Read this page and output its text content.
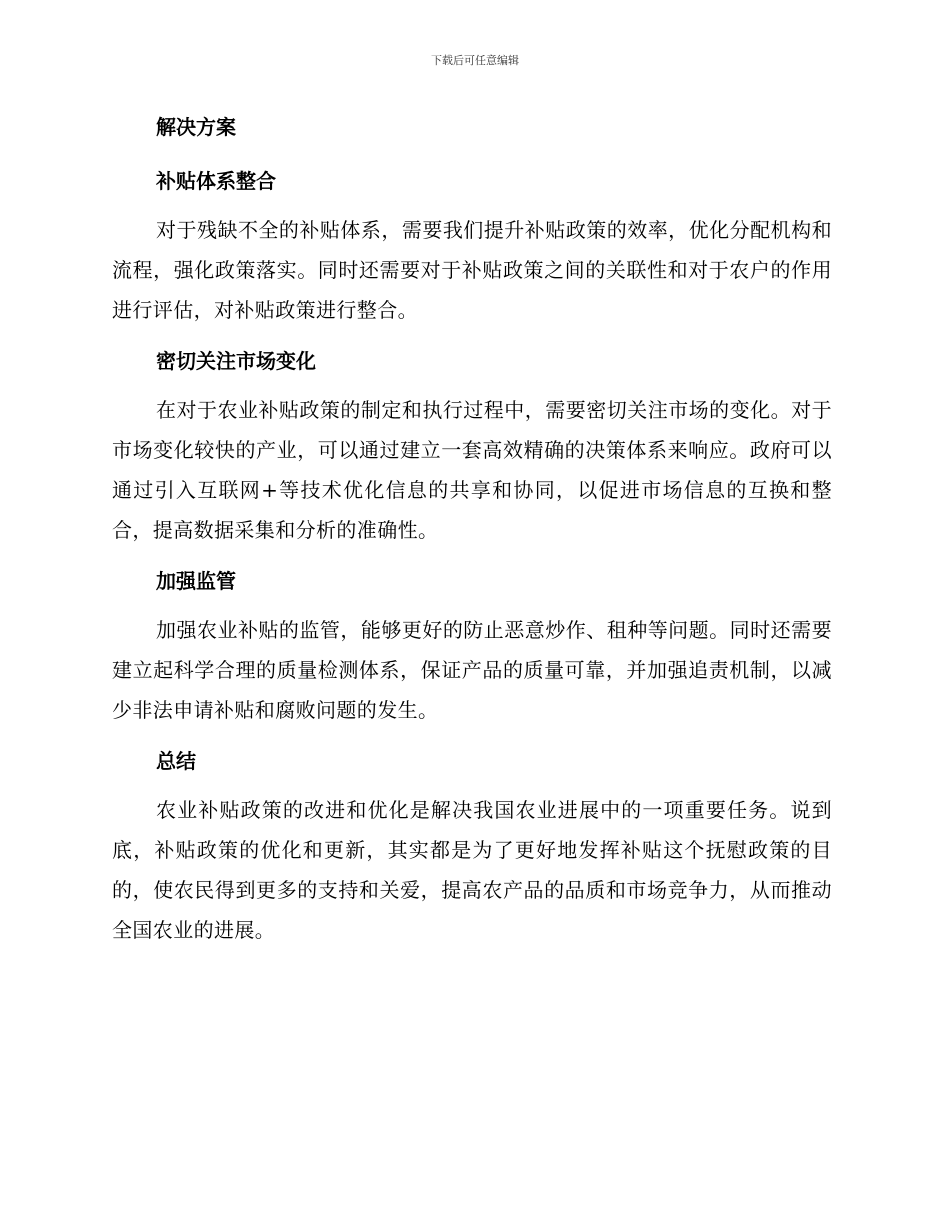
下载后可任意编辑
解决方案
补贴体系整合

对于残缺不全的补贴体系，需要我们提升补贴政策的效率，优化分配机构和流程，强化政策落实。同时还需要对于补贴政策之间的关联性和对于农户的作用进行评估，对补贴政策进行整合。

密切关注市场变化

在对于农业补贴政策的制定和执行过程中，需要密切关注市场的变化。对于市场变化较快的产业，可以通过建立一套高效精确的决策体系来响应。政府可以通过引入互联网+等技术优化信息的共享和协同，以促进市场信息的互换和整合，提高数据采集和分析的准确性。

加强监管

加强农业补贴的监管，能够更好的防止恶意炒作、租种等问题。同时还需要建立起科学合理的质量检测体系，保证产品的质量可靠，并加强追责机制，以减少非法申请补贴和腐败问题的发生。

总结

农业补贴政策的改进和优化是解决我国农业进展中的一项重要任务。说到底，补贴政策的优化和更新，其实都是为了更好地发挥补贴这个抚慰政策的目的，使农民得到更多的支持和关爱，提高农产品的品质和市场竞争力，从而推动全国农业的进展。
